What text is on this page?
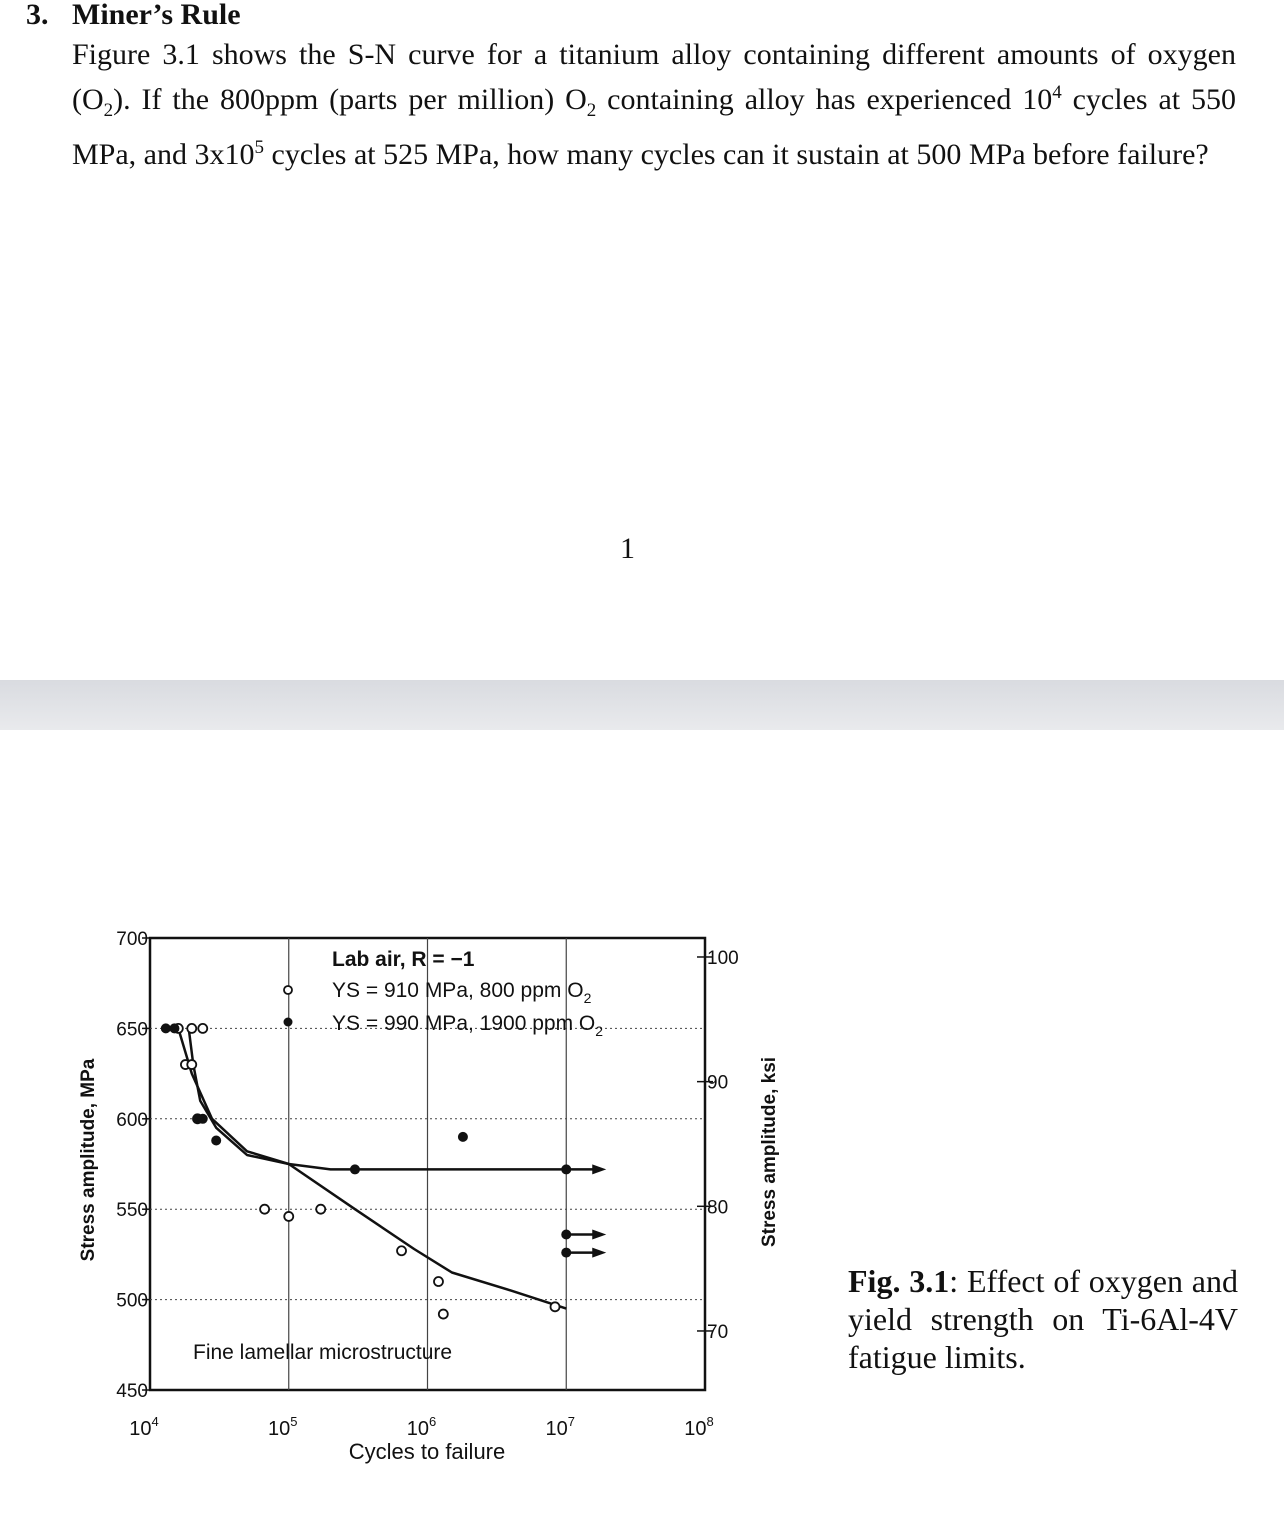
3. Miner’s Rule
Figure 3.1 shows the S-N curve for a titanium alloy containing different amounts of oxygen $(O_2)$. If the 800ppm (parts per million) $O_2$ containing alloy has experienced $10^4$ cycles at 550 MPa, and $3x10^5$ cycles at 525 MPa, how many cycles can it sustain at 500 MPa before failure?
1
700
650
600
550
500
450
$10^4$	$10^5$	$10^6$	$10^7$	$10^8$
100
90
80
70
Lab air, R = −1
YS = 910 MPa, 800 ppm $O_2$
YS = 990 MPa, 1900 ppm $O_2$
Fine lamellar microstructure
Stress amplitude, MPa	Stress amplitude, ksi
Cycles to failure
Fig. 3.1: Effect of oxygen and yield strength on Ti-6Al-4V fatigue limits.
